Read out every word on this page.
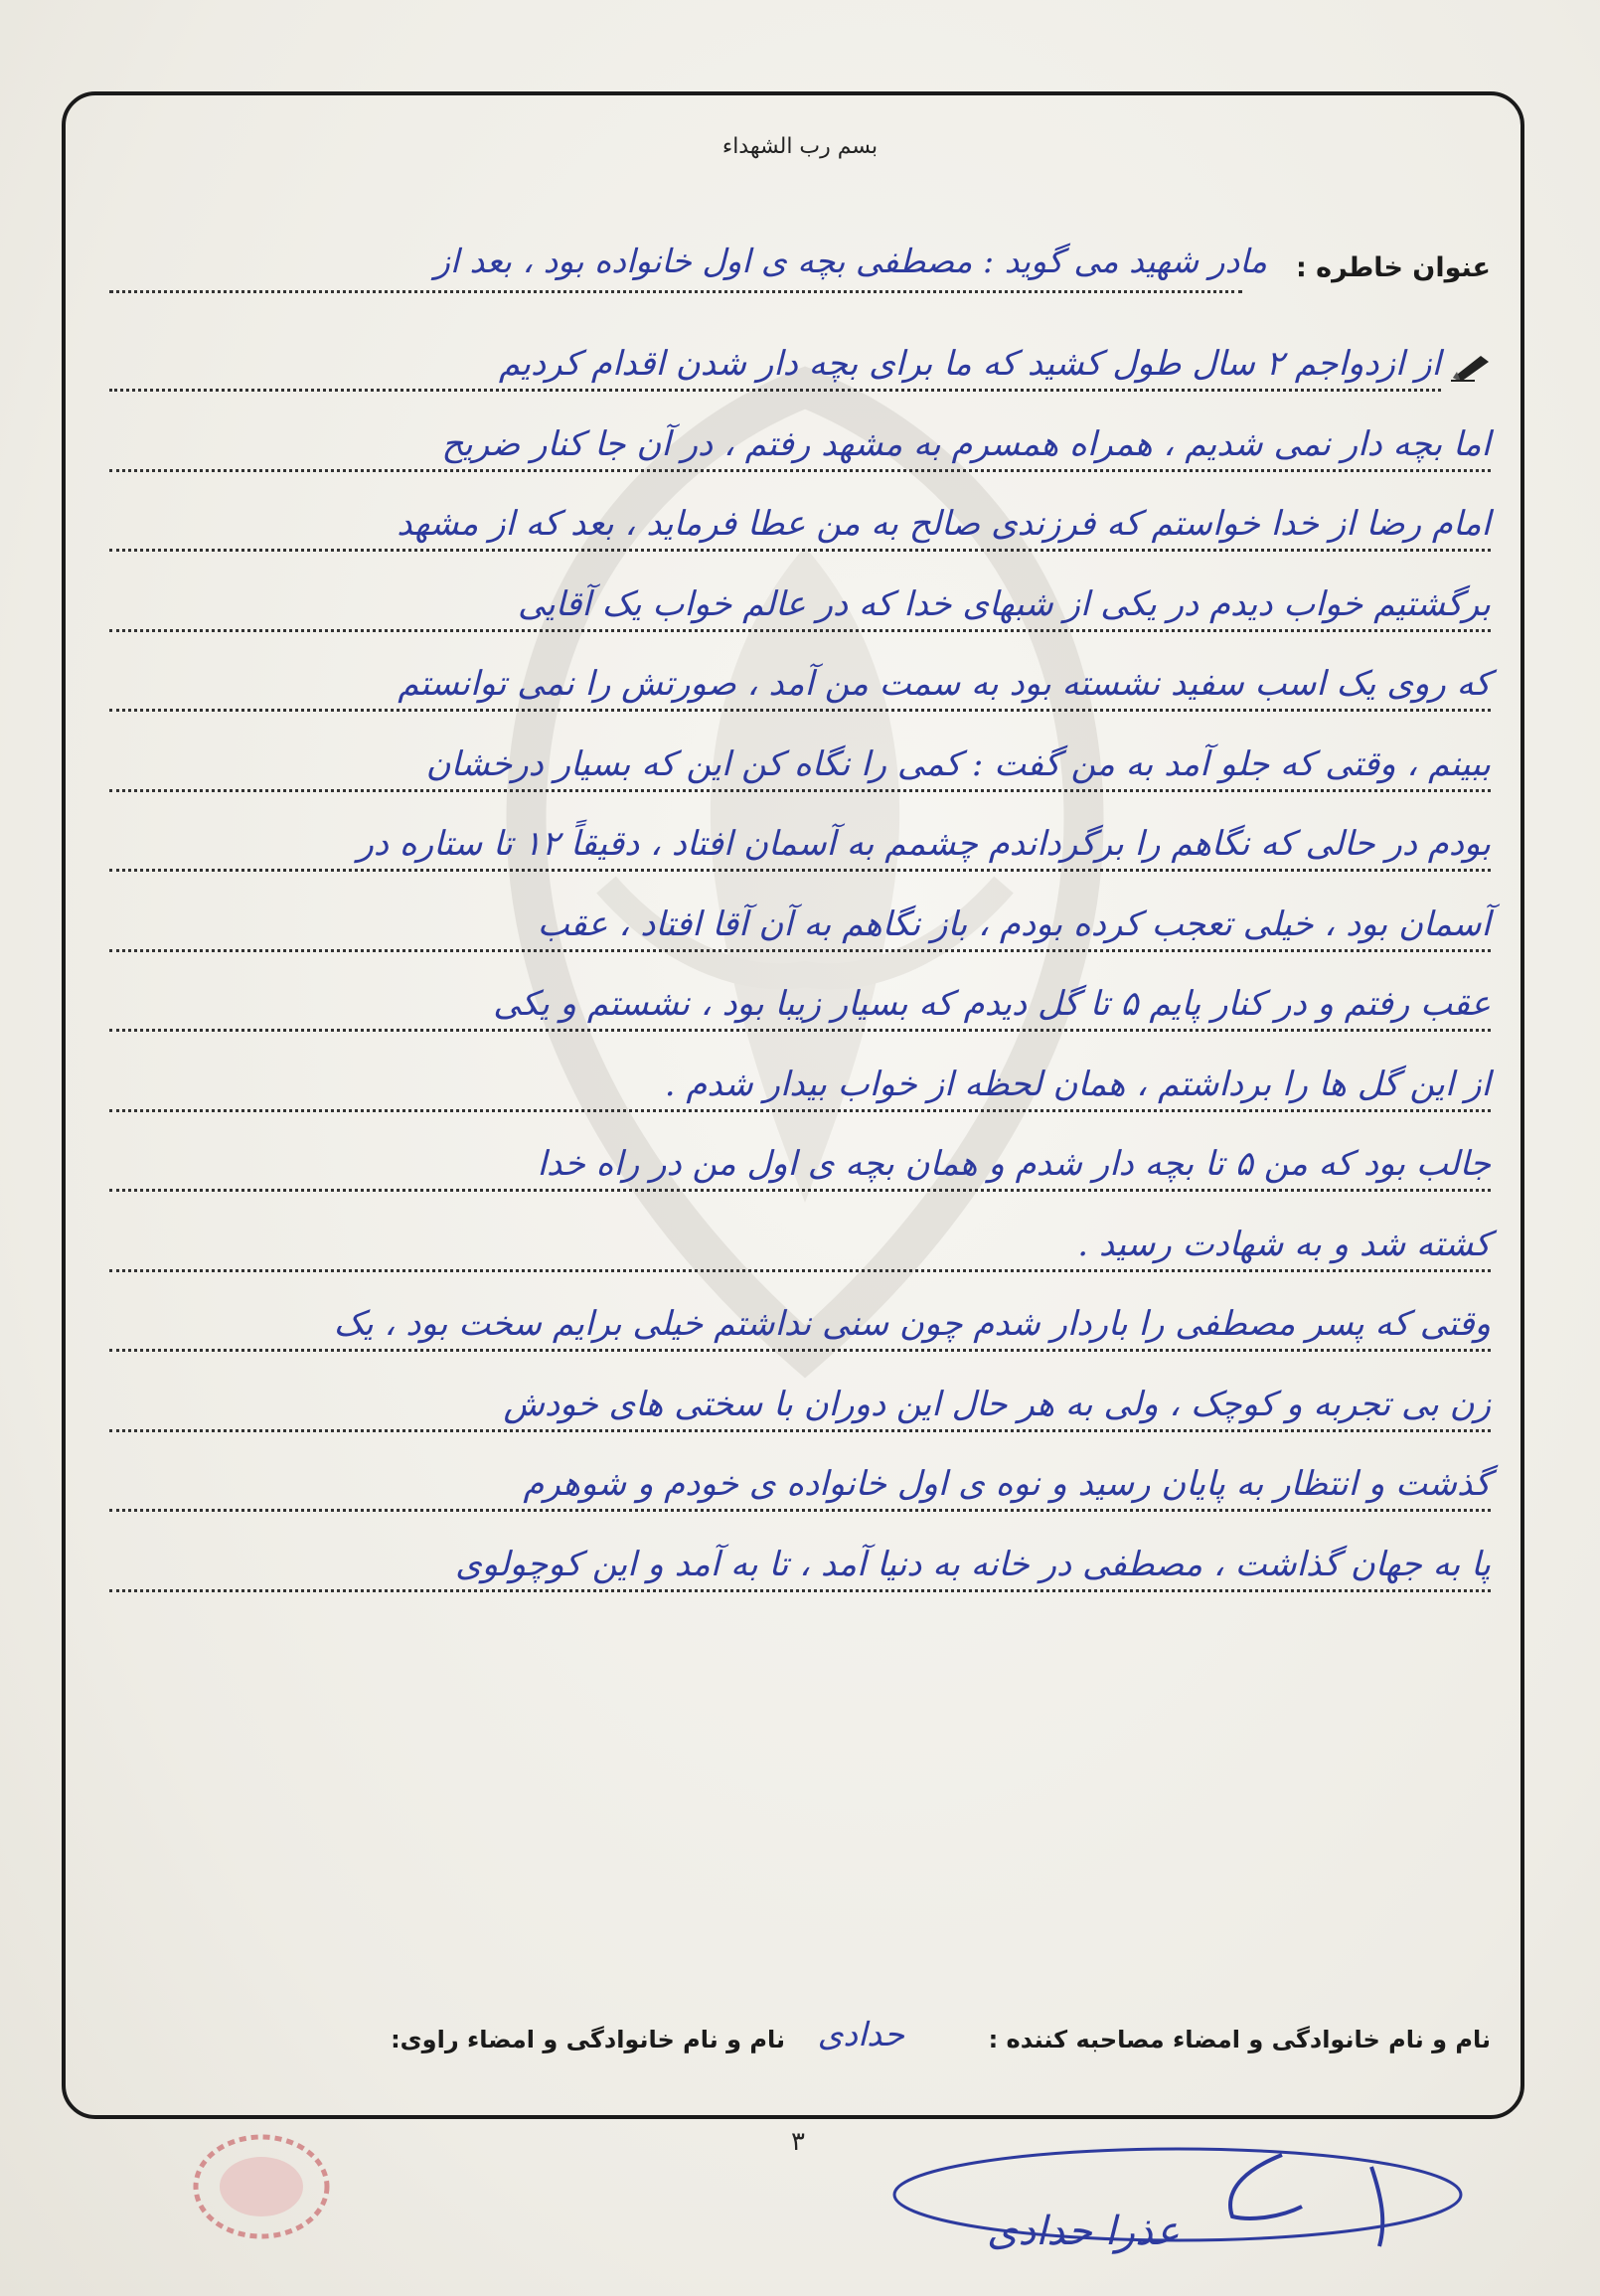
بسم رب الشهداء
عنوان خاطره :
مادر شهید می گوید : مصطفی بچه ی اول خانواده بود ، بعد از
از ازدواجم ۲ سال طول کشید که ما برای بچه دار شدن اقدام کردیم
اما بچه دار نمی شدیم ، همراه همسرم به مشهد رفتم ، در آن جا کنار ضریح
امام رضا از خدا خواستم که فرزندی صالح به من عطا فرماید ، بعد که از مشهد
برگشتیم خواب دیدم در یکی از شبهای خدا که در عالم خواب یک آقایی
که روی یک اسب سفید نشسته بود به سمت من آمد ، صورتش را نمی توانستم
ببینم ، وقتی که جلو آمد به من گفت : کمی را نگاه کن این که بسیار درخشان
بودم در حالی که نگاهم را برگرداندم چشمم به آسمان افتاد ، دقیقاً ۱۲ تا ستاره در
آسمان بود ، خیلی تعجب کرده بودم ، باز نگاهم به آن آقا افتاد ، عقب
عقب رفتم و در کنار پایم ۵ تا گل دیدم که بسیار زیبا بود ، نشستم و یکی
از این گل ها را برداشتم ، همان لحظه از خواب بیدار شدم .
جالب بود که من ۵ تا بچه دار شدم و همان بچه ی اول من در راه خدا
کشته شد و به شهادت رسید .
وقتی که پسر مصطفی را باردار شدم چون سنی نداشتم خیلی برایم سخت بود ، یک
زن بی تجربه و کوچک ، ولی به هر حال این دوران با سختی های خودش
گذشت و انتظار به پایان رسید و نوه ی اول خانواده ی خودم و شوهرم
پا به جهان گذاشت ، مصطفی در خانه به دنیا آمد ، تا به آمد و این کوچولوی
نام و نام خانوادگی و امضاء مصاحبه کننده :
حدادی
نام و نام خانوادگی و امضاء راوی:
۳
عذرا حدادی
